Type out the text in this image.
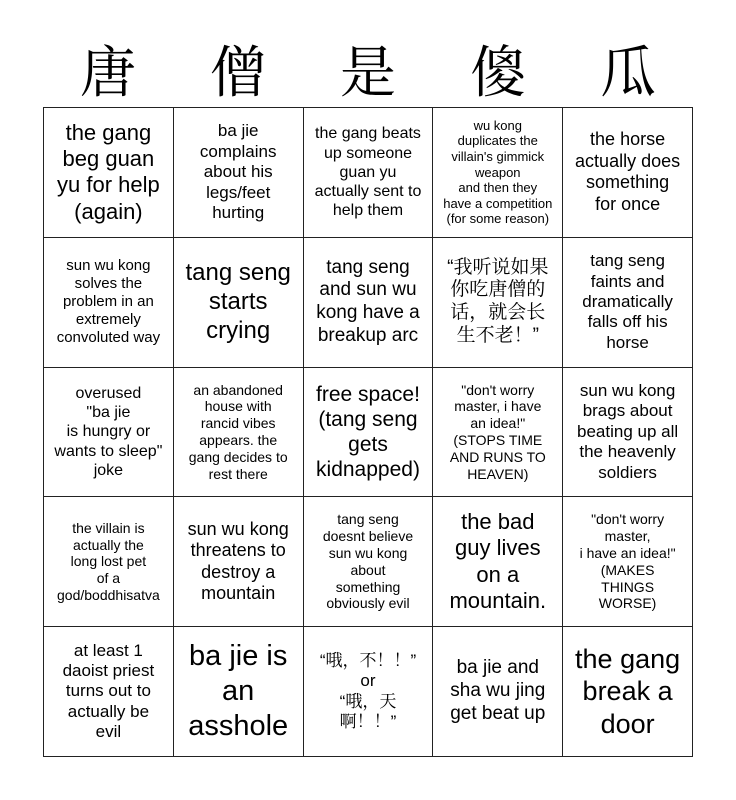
唐 僧 是 傻 瓜
the gang
beg guan
yu for help
(again)
ba jie
complains
about his
legs/feet
hurting
the gang beats
up someone
guan yu
actually sent to
help them
wu kong
duplicates the
villain's gimmick
weapon
and then they
have a competition
(for some reason)
the horse
actually does
something
for once
sun wu kong
solves the
problem in an
extremely
convoluted way
tang seng
starts
crying
tang seng
and sun wu
kong have a
breakup arc
“我听说如果
你吃唐僧的
话，就会长
生不老！”
tang seng
faints and
dramatically
falls off his
horse
overused
"ba jie
is hungry or
wants to sleep"
joke
an abandoned
house with
rancid vibes
appears. the
gang decides to
rest there
free space!
(tang seng
gets
kidnapped)
"don't worry
master, i have
an idea!"
(STOPS TIME
AND RUNS TO
HEAVEN)
sun wu kong
brags about
beating up all
the heavenly
soldiers
the villain is
actually the
long lost pet
of a
god/boddhisatva
sun wu kong
threatens to
destroy a
mountain
tang seng
doesnt believe
sun wu kong
about
something
obviously evil
the bad
guy lives
on a
mountain.
"don't worry
master,
i have an idea!"
(MAKES
THINGS
WORSE)
at least 1
daoist priest
turns out to
actually be
evil
ba jie is
an
asshole
“哦，不！！”
or
“哦，天
啊！！”
ba jie and
sha wu jing
get beat up
the gang
break a
door
